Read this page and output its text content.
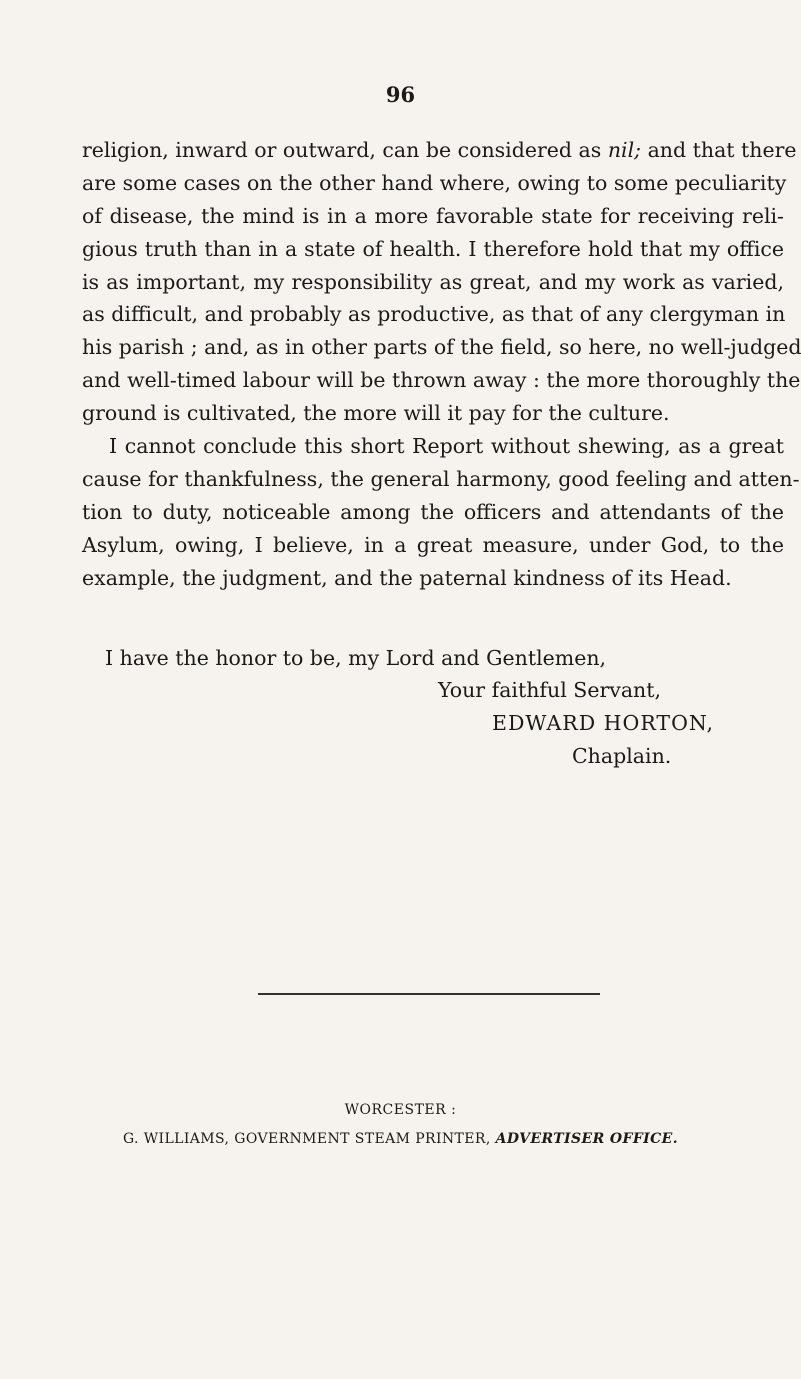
96
religion, inward or outward, can be considered as nil; and that there
are some cases on the other hand where, owing to some peculiarity
of disease, the mind is in a more favorable state for receiving reli-
gious truth than in a state of health. I therefore hold that my office
is as important, my responsibility as great, and my work as varied,
as difficult, and probably as productive, as that of any clergyman in
his parish ; and, as in other parts of the field, so here, no well-judged
and well-timed labour will be thrown away : the more thoroughly the
ground is cultivated, the more will it pay for the culture.
I cannot conclude this short Report without shewing, as a great
cause for thankfulness, the general harmony, good feeling and atten-
tion to duty, noticeable among the officers and attendants of the
Asylum, owing, I believe, in a great measure, under God, to the
example, the judgment, and the paternal kindness of its Head.
I have the honor to be, my Lord and Gentlemen,
Your faithful Servant,
EDWARD HORTON,
Chaplain.
WORCESTER :
G. WILLIAMS, GOVERNMENT STEAM PRINTER, ADVERTISER OFFICE.
